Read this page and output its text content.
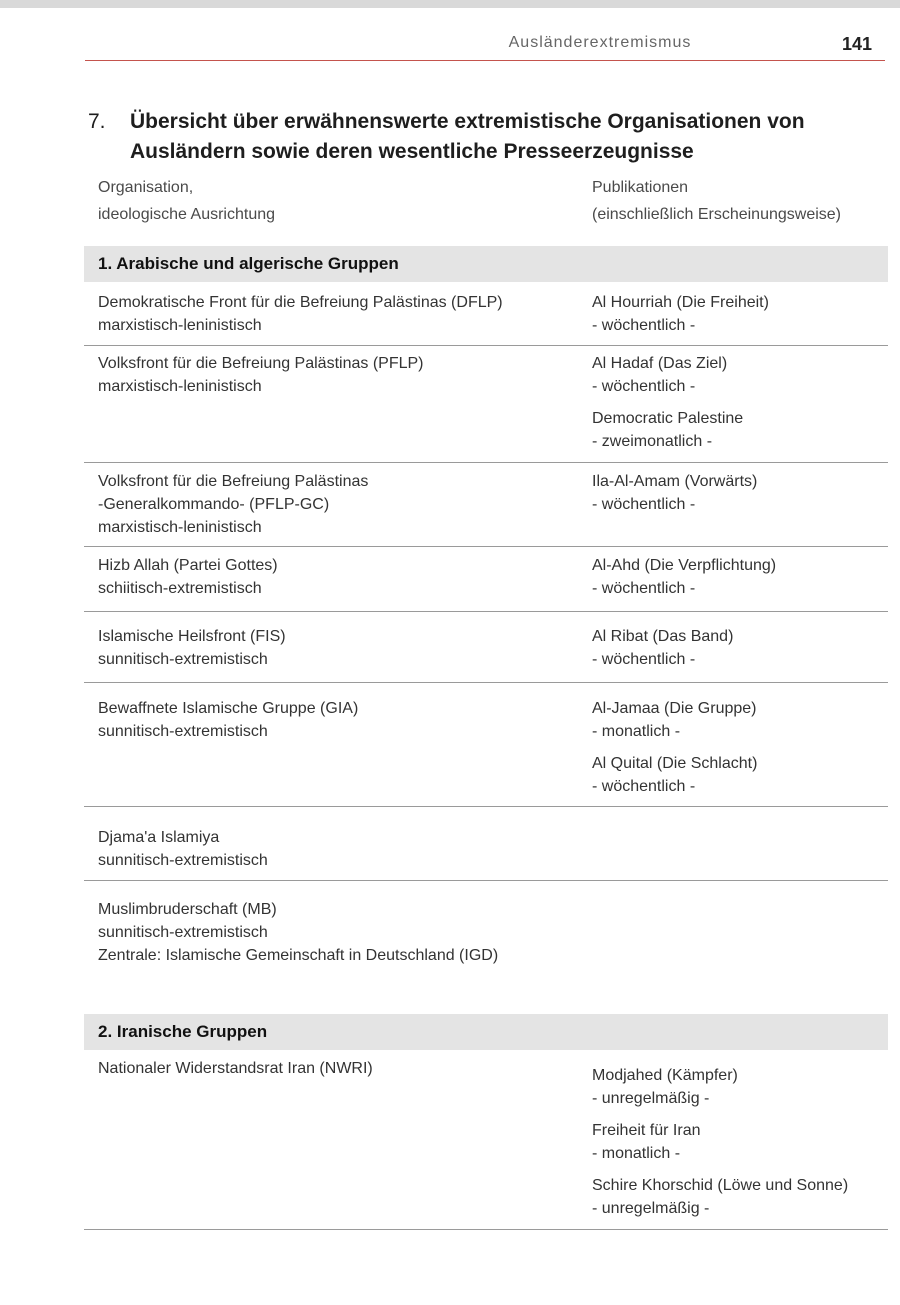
Ausländerextremismus	141
7. Übersicht über erwähnenswerte extremistische Organisationen von Ausländern sowie deren wesentliche Presseerzeugnisse
Organisation,
ideologische Ausrichtung
Publikationen
(einschließlich Erscheinungsweise)
1. Arabische und algerische Gruppen
Demokratische Front für die Befreiung Palästinas (DFLP)
marxistisch-leninistisch
Al Hourriah (Die Freiheit)
- wöchentlich -
Volksfront für die Befreiung Palästinas (PFLP)
marxistisch-leninistisch
Al Hadaf (Das Ziel)
- wöchentlich -
Democratic Palestine
- zweimonatlich -
Volksfront für die Befreiung Palästinas
-Generalkommando- (PFLP-GC)
marxistisch-leninistisch
Ila-Al-Amam (Vorwärts)
- wöchentlich -
Hizb Allah (Partei Gottes)
schiitisch-extremistisch
Al-Ahd (Die Verpflichtung)
- wöchentlich -
Islamische Heilsfront (FIS)
sunnitisch-extremistisch
Al Ribat (Das Band)
- wöchentlich -
Bewaffnete Islamische Gruppe (GIA)
sunnitisch-extremistisch
Al-Jamaa (Die Gruppe)
- monatlich -
Al Quital (Die Schlacht)
- wöchentlich -
Djama'a Islamiya
sunnitisch-extremistisch
Muslimbruderschaft (MB)
sunnitisch-extremistisch
Zentrale: Islamische Gemeinschaft in Deutschland (IGD)
2. Iranische Gruppen
Nationaler Widerstandsrat Iran (NWRI)	Modjahed (Kämpfer)
- unregelmäßig -
Freiheit für Iran
- monatlich -
Schire Khorschid (Löwe und Sonne)
- unregelmäßig -
